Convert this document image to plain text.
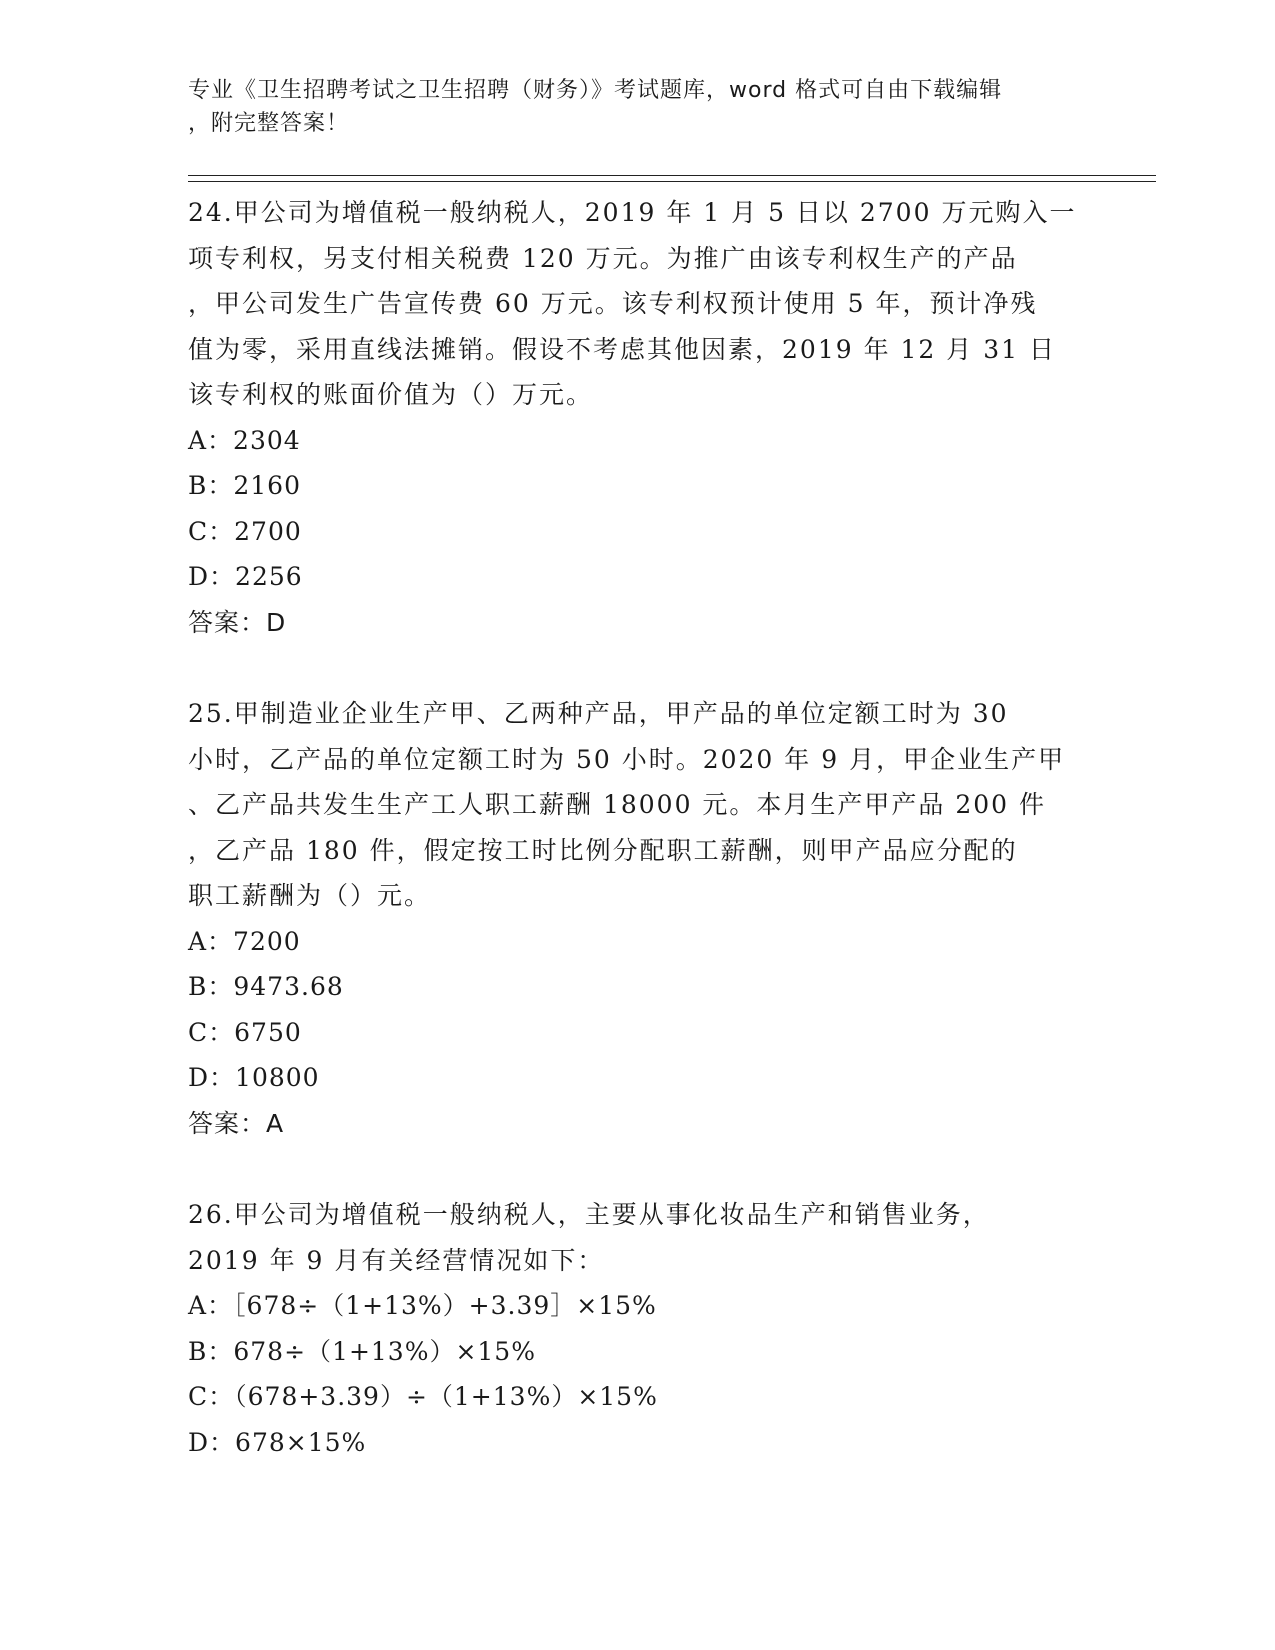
专业《卫生招聘考试之卫生招聘（财务）》考试题库，word 格式可自由下载编辑
，附完整答案！
24.甲公司为增值税一般纳税人，2019 年 1 月 5 日以 2700 万元购入一
项专利权，另支付相关税费 120 万元。为推广由该专利权生产的产品
，甲公司发生广告宣传费 60 万元。该专利权预计使用 5 年，预计净残
值为零，采用直线法摊销。假设不考虑其他因素，2019 年 12 月 31 日
该专利权的账面价值为（）万元。
A：2304
B：2160
C：2700
D：2256
答案：D
25.甲制造业企业生产甲、乙两种产品，甲产品的单位定额工时为 30
小时，乙产品的单位定额工时为 50 小时。2020 年 9 月，甲企业生产甲
、乙产品共发生生产工人职工薪酬 18000 元。本月生产甲产品 200 件
，乙产品 180 件，假定按工时比例分配职工薪酬，则甲产品应分配的
职工薪酬为（）元。
A：7200
B：9473.68
C：6750
D：10800
答案：A
26.甲公司为增值税一般纳税人，主要从事化妆品生产和销售业务，
2019 年 9 月有关经营情况如下：
A：［678÷（1+13%）+3.39］×15%
B：678÷（1+13%）×15%
C：（678+3.39）÷（1+13%）×15%
D：678×15%
